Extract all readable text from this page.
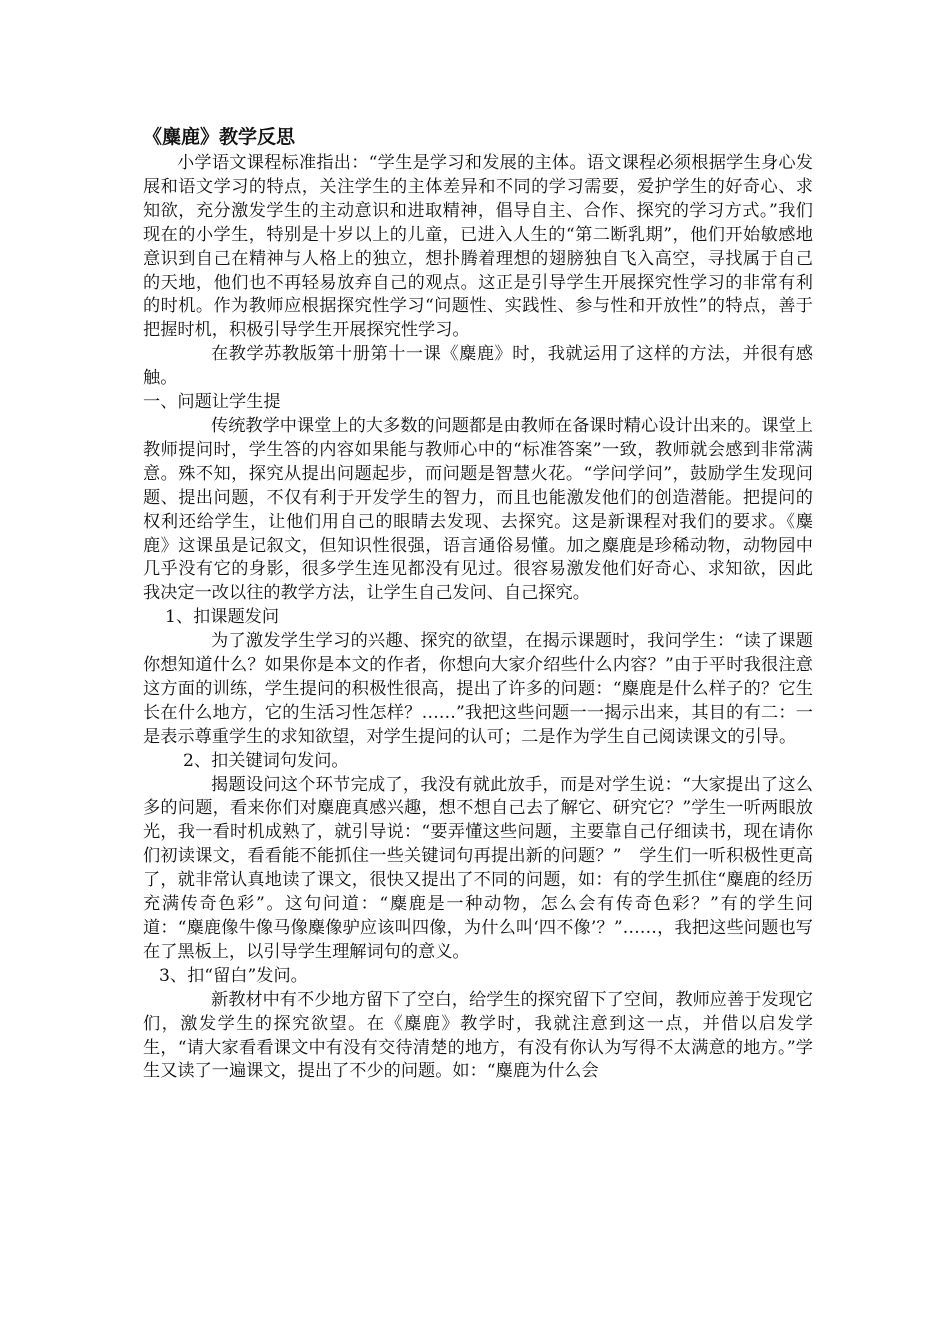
《麋鹿》教学反思

小学语文课程标准指出：“学生是学习和发展的主体。语文课程必须根据学生身心发展和语文学习的特点，关注学生的主体差异和不同的学习需要，爱护学生的好奇心、求知欲，充分激发学生的主动意识和进取精神，倡导自主、合作、探究的学习方式。”我们现在的小学生，特别是十岁以上的儿童，已进入人生的“第二断乳期”，他们开始敏感地意识到自己在精神与人格上的独立，想扑腾着理想的翅膀独自飞入高空，寻找属于自己的天地，他们也不再轻易放弃自己的观点。这正是引导学生开展探究性学习的非常有利的时机。作为教师应根据探究性学习“问题性、实践性、参与性和开放性”的特点，善于把握时机，积极引导学生开展探究性学习。

在教学苏教版第十册第十一课《麋鹿》时，我就运用了这样的方法，并很有感触。

一、问题让学生提

传统教学中课堂上的大多数的问题都是由教师在备课时精心设计出来的。课堂上教师提问时，学生答的内容如果能与教师心中的“标准答案”一致，教师就会感到非常满意。殊不知，探究从提出问题起步，而问题是智慧火花。“学问学问”，鼓励学生发现问题、提出问题，不仅有利于开发学生的智力，而且也能激发他们的创造潜能。把提问的权利还给学生，让他们用自己的眼睛去发现、去探究。这是新课程对我们的要求。《麋鹿》这课虽是记叙文，但知识性很强，语言通俗易懂。加之麋鹿是珍稀动物，动物园中几乎没有它的身影，很多学生连见都没有见过。很容易激发他们好奇心、求知欲，因此我决定一改以往的教学方法，让学生自己发问、自己探究。

1、扣课题发问

为了激发学生学习的兴趣、探究的欲望，在揭示课题时，我问学生：“读了课题你想知道什么？如果你是本文的作者，你想向大家介绍些什么内容？”由于平时我很注意这方面的训练，学生提问的积极性很高，提出了许多的问题：“麋鹿是什么样子的？它生长在什么地方，它的生活习性怎样？……”我把这些问题一一揭示出来，其目的有二：一是表示尊重学生的求知欲望，对学生提问的认可；二是作为学生自己阅读课文的引导。

2、扣关键词句发问。

揭题设问这个环节完成了，我没有就此放手，而是对学生说：“大家提出了这么多的问题，看来你们对麋鹿真感兴趣，想不想自己去了解它、研究它？”学生一听两眼放光，我一看时机成熟了，就引导说：“要弄懂这些问题，主要靠自己仔细读书，现在请你们初读课文，看看能不能抓住一些关键词句再提出新的问题？”　学生们一听积极性更高了，就非常认真地读了课文，很快又提出了不同的问题，如：有的学生抓住“麋鹿的经历充满传奇色彩”。这句问道：“麋鹿是一种动物，怎么会有传奇色彩？”有的学生问道：“麋鹿像牛像马像麋像驴应该叫四像，为什么叫‘四不像’？”……，我把这些问题也写在了黑板上，以引导学生理解词句的意义。

3、扣“留白”发问。

新教材中有不少地方留下了空白，给学生的探究留下了空间，教师应善于发现它们，激发学生的探究欲望。在《麋鹿》教学时，我就注意到这一点，并借以启发学生，“请大家看看课文中有没有交待清楚的地方，有没有你认为写得不太满意的地方。”学生又读了一遍课文，提出了不少的问题。如：“麋鹿为什么会
